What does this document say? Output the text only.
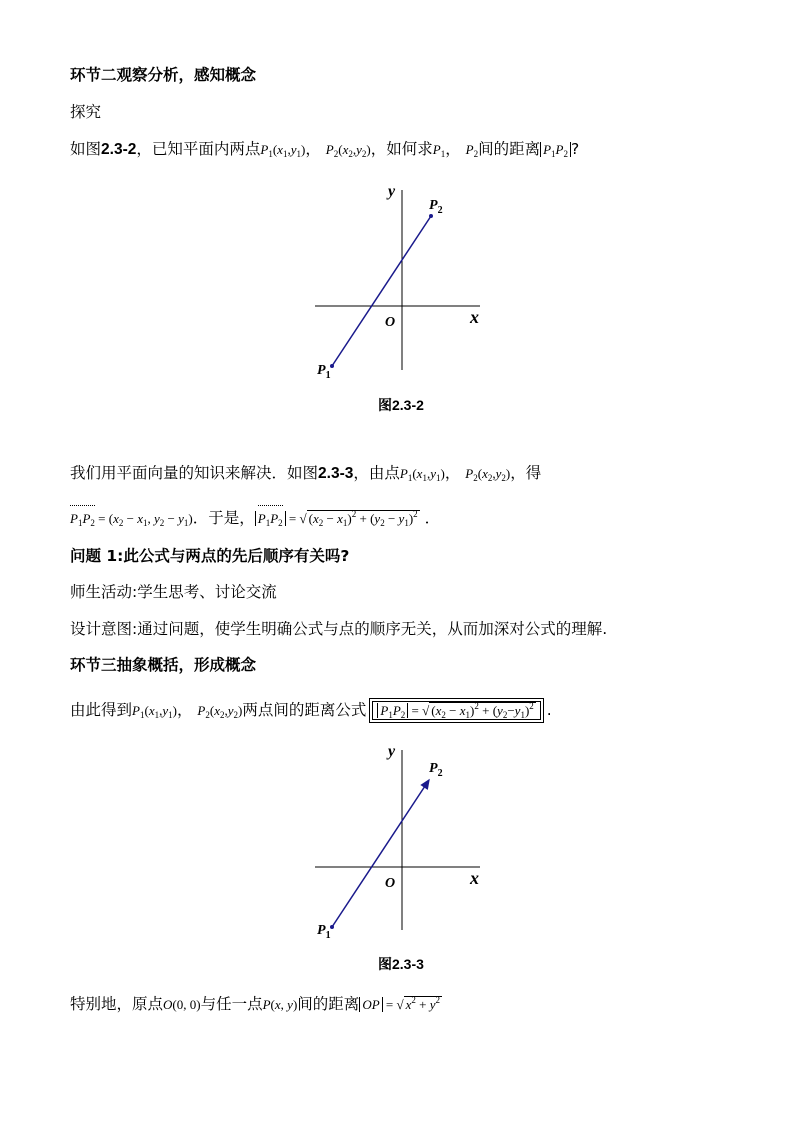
环节二观察分析，感知概念
探究
如图2.3-2，已知平面内两点$P_1(x_1,y_1)$， $P_2(x_2,y_2)$，如何求$P_1$， $P_2$间的距离 $P_1P_2$ ?
y
x
O
$P_1$
$P_2$
图2.3-2
我们用平面向量的知识来解决．如图2.3-3，由点$P_1(x_1,y_1)$， $P_2(x_2,y_2)$，得
$P_1P_2 = (x_2 - x_1$, $y_2 - y_1$)．于是， $P_1P_2$ = √ $(x_2 - x_1)^2 + (y_2 - y_1)^2$ ．
问题 1:此公式与两点的先后顺序有关吗?
师生活动:学生思考、讨论交流
设计意图:通过问题，使学生明确公式与点的顺序无关，从而加深对公式的理解.
环节三抽象概括，形成概念
由此得到$P_1(x_1,y_1)$， $P_2(x_2,y_2)$两点间的距离公式 $P_1P_2$ = √ $(x_2 - x_1)^2 + (y_2-y_1)^2$ .
y
x
O
$P_1$
$P_2$
图2.3-3
特别地，原点O(0, 0)与任一点P(x, y)间的距离 OP = √ $x^2 + y^2$
